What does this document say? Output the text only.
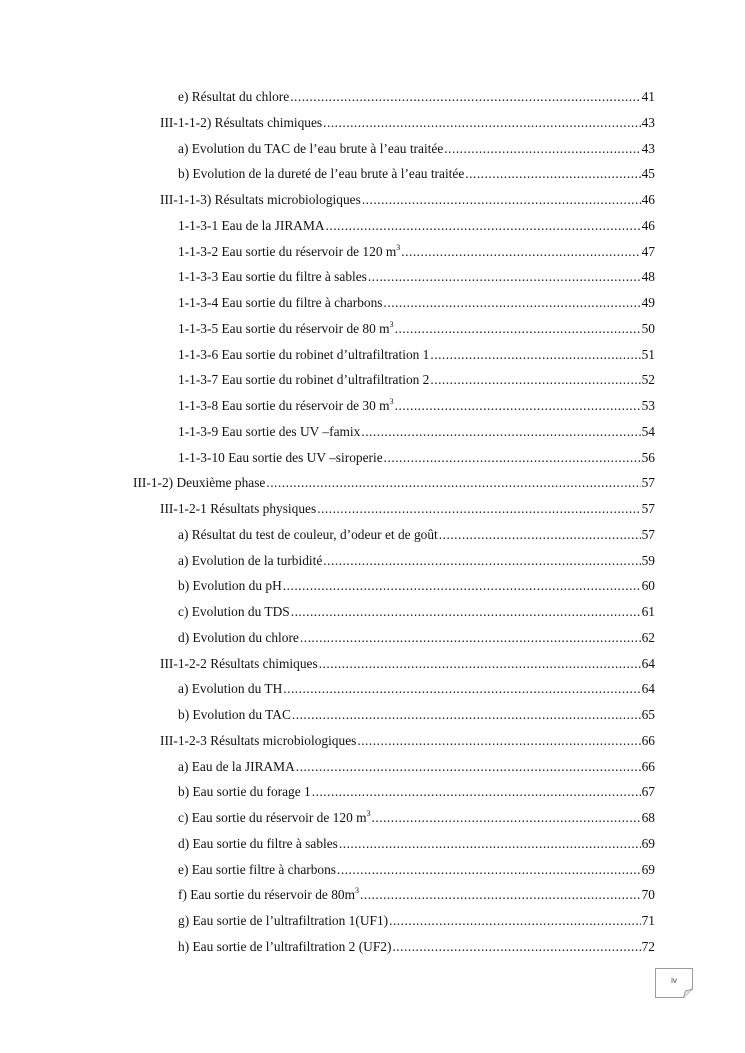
e) Résultat du chlore .....	41
III-1-1-2) Résultats chimiques .....	43
a) Evolution du TAC de l’eau brute à l’eau traitée .....	43
b) Evolution de la dureté de l’eau brute à l’eau traitée .....	45
III-1-1-3) Résultats microbiologiques .....	46
1-1-3-1 Eau de la JIRAMA .....	46
1-1-3-2 Eau sortie du réservoir de 120 $m^3$ .....	47
1-1-3-3 Eau sortie du filtre à sables .....	48
1-1-3-4 Eau sortie du filtre à charbons .....	49
1-1-3-5 Eau sortie du réservoir de 80 $m^3$ .....	50
1-1-3-6 Eau sortie du robinet d’ultrafiltration 1 .....	51
1-1-3-7 Eau sortie du robinet d’ultrafiltration 2 .....	52
1-1-3-8 Eau sortie du réservoir de 30 $m^3$ .....	53
1-1-3-9 Eau sortie des UV –famix .....	54
1-1-3-10 Eau sortie des UV –siroperie .....	56
III-1-2) Deuxième phase .....	57
III-1-2-1 Résultats physiques .....	57
a) Résultat du test de couleur, d’odeur et de goût .....	57
a) Evolution de la turbidité .....	59
b) Evolution du pH .....	60
c) Evolution du TDS .....	61
d) Evolution du chlore .....	62
III-1-2-2 Résultats chimiques .....	64
a) Evolution du TH .....	64
b) Evolution du TAC .....	65
III-1-2-3 Résultats microbiologiques .....	66
a) Eau de la JIRAMA .....	66
b) Eau sortie du forage 1 .....	67
c) Eau sortie du réservoir de 120 $m^3$ .....	68
d) Eau sortie du filtre à sables .....	69
e) Eau sortie filtre à charbons .....	69
f) Eau sortie du réservoir de $80m^3$ .....	70
g) Eau sortie de l’ultrafiltration 1(UF1) .....	71
h) Eau sortie de l’ultrafiltration 2 (UF2) .....	72
iv
